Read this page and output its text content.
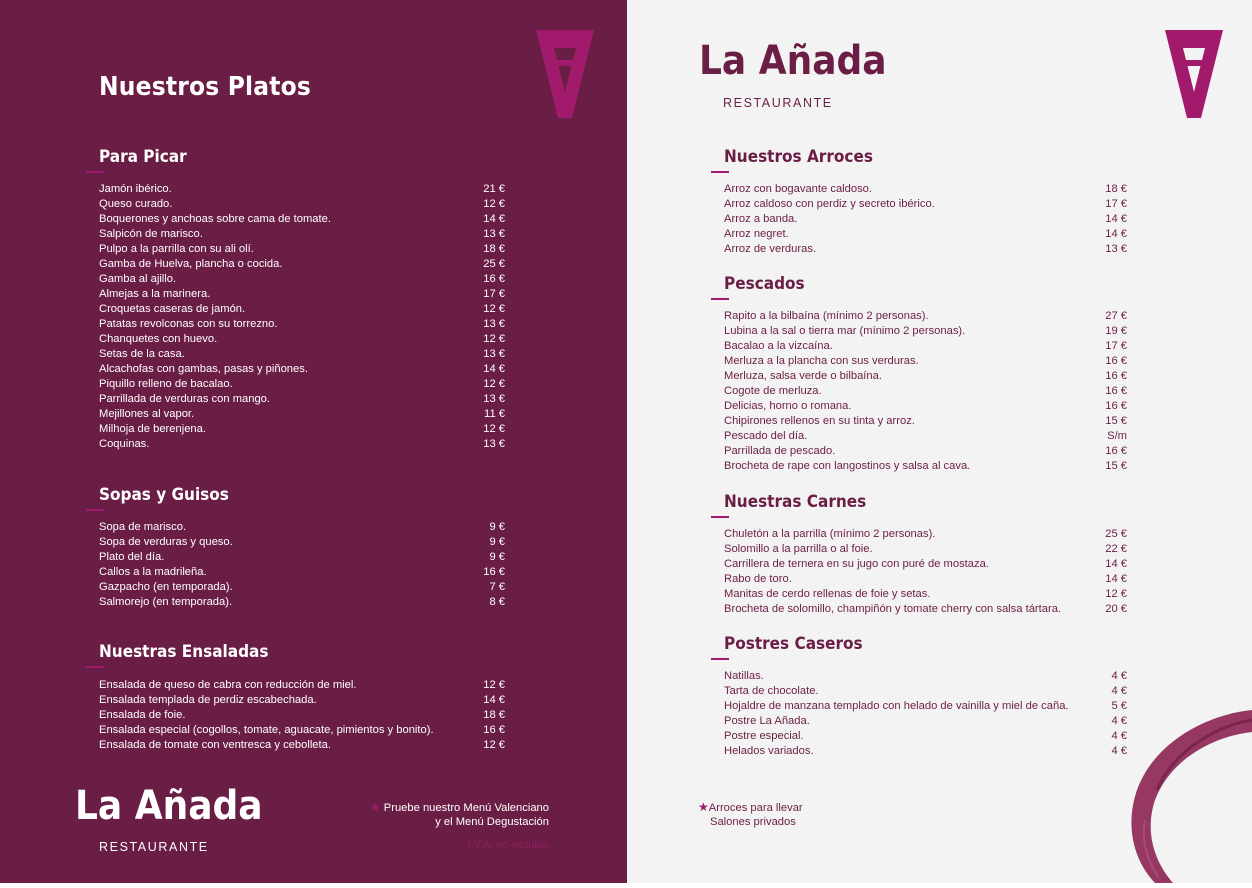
Nuestros Platos
Para Picar
Jamón ibérico.	21 €
Queso curado.	12 €
Boquerones y anchoas sobre cama de tomate.	14 €
Salpicón de marisco.	13 €
Pulpo a la parrilla con su ali olí.	18 €
Gamba de Huelva, plancha o cocida.	25 €
Gamba al ajillo.	16 €
Almejas a la marinera.	17 €
Croquetas caseras de jamón.	12 €
Patatas revolconas con su torrezno.	13 €
Chanquetes con huevo.	12 €
Setas de la casa.	13 €
Alcachofas con gambas, pasas y piñones.	14 €
Piquillo relleno de bacalao.	12 €
Parrillada de verduras con mango.	13 €
Mejillones al vapor.	11 €
Milhoja de berenjena.	12 €
Coquinas.	13 €
Sopas y Guisos
Sopa de marisco.	9 €
Sopa de verduras y queso.	9 €
Plato del día.	9 €
Callos a la madrileña.	16 €
Gazpacho (en temporada).	7 €
Salmorejo (en temporada).	8 €
Nuestras Ensaladas
Ensalada de queso de cabra con reducción de miel.	12 €
Ensalada templada de perdiz escabechada.	14 €
Ensalada de foie.	18 €
Ensalada especial (cogollos, tomate, aguacate, pimientos y bonito).	16 €
Ensalada de tomate con ventresca y cebolleta.	12 €
La Añada
RESTAURANTE
★ Pruebe nuestro Menú Valenciano
y el Menú Degustación
I.V.A. no incluido
La Añada
RESTAURANTE
Nuestros Arroces
Arroz con bogavante caldoso.	18 €
Arroz caldoso con perdiz y secreto ibérico.	17 €
Arroz a banda.	14 €
Arroz negret.	14 €
Arroz de verduras.	13 €
Pescados
Rapito a la bilbaína (mínimo 2 personas).	27 €
Lubina a la sal o tierra mar (mínimo 2 personas).	19 €
Bacalao a la vizcaína.	17 €
Merluza a la plancha con sus verduras.	16 €
Merluza, salsa verde o bilbaína.	16 €
Cogote de merluza.	16 €
Delicias, horno o romana.	16 €
Chipirones rellenos en su tinta y arroz.	15 €
Pescado del día.	S/m
Parrillada de pescado.	16 €
Brocheta de rape con langostinos y salsa al cava.	15 €
Nuestras Carnes
Chuletón a la parrilla (mínimo 2 personas).	25 €
Solomillo a la parrilla o al foie.	22 €
Carrillera de ternera en su jugo con puré de mostaza.	14 €
Rabo de toro.	14 €
Manitas de cerdo rellenas de foie y setas.	12 €
Brocheta de solomillo, champiñón y tomate cherry con salsa tártara.	20 €
Postres Caseros
Natillas.	4 €
Tarta de chocolate.	4 €
Hojaldre de manzana templado con helado de vainilla y miel de caña.	5 €
Postre La Añada.	4 €
Postre especial.	4 €
Helados variados.	4 €
★Arroces para llevar
Salones privados
